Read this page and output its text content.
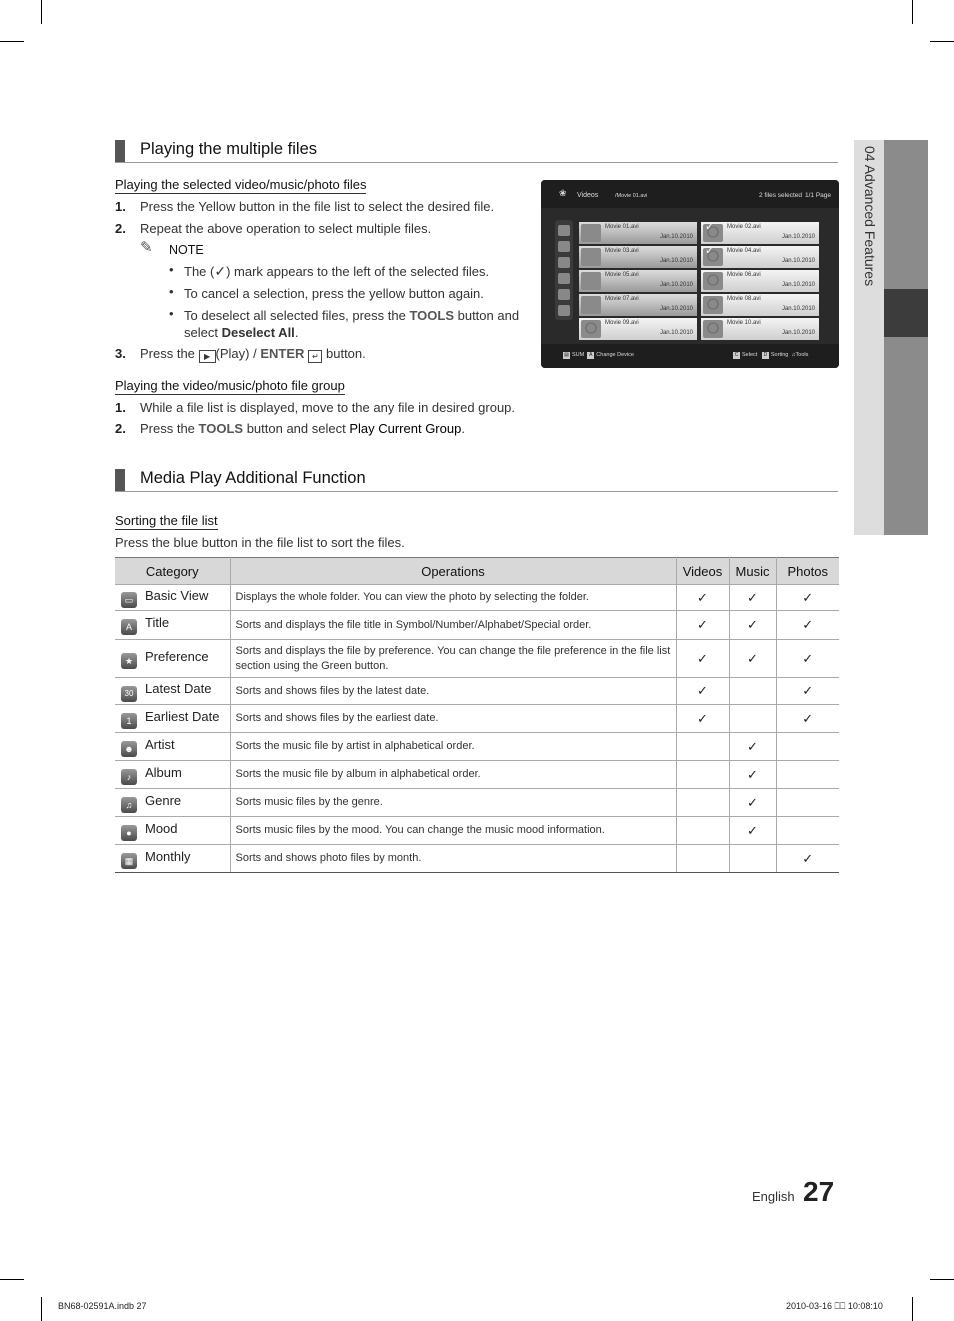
04 Advanced Features
Playing the multiple files
Playing the selected video/music/photo files
1. Press the Yellow button in the file list to select the desired file.
2. Repeat the above operation to select multiple files.
✎ NOTE
• The (✓) mark appears to the left of the selected files.
• To cancel a selection, press the yellow button again.
• To deselect all selected files, press the TOOLS button and
select Deselect All.
3. Press the ▶ (Play) / ENTER ↵ button.
❀ Videos	/Movie 01.avi	2 files selected 1/1 Page
Movie 01.avi
Jan.10.2010
✓ Movie 02.avi
Jan.10.2010
Movie 03.avi
Jan.10.2010
✓ Movie 04.avi
Jan.10.2010
Movie 05.avi
Jan.10.2010
Movie 06.avi
Jan.10.2010
Movie 07.avi
Jan.10.2010
Movie 08.avi
Jan.10.2010
Movie 09.avi
Jan.10.2010
Movie 10.avi
Jan.10.2010
▤ SUM A Change Device	C Select D Sorting ♫Tools
Playing the video/music/photo file group
1. While a file list is displayed, move to the any file in desired group.
2. Press the TOOLS button and select Play Current Group.
Media Play Additional Function
Sorting the file list
Press the blue button in the file list to sort the files.
Category	Operations	Videos	Music	Photos
▭ Basic View	Displays the whole folder. You can view the photo by selecting the folder.	✓	✓	✓
A Title	Sorts and displays the file title in Symbol/Number/Alphabet/Special order.	✓	✓	✓
★ Preference	Sorts and displays the file by preference. You can change the file preference in the file list section using the Green button.	✓	✓	✓
30 Latest Date	Sorts and shows files by the latest date.	✓		✓
1 Earliest Date	Sorts and shows files by the earliest date.	✓		✓
☻ Artist	Sorts the music file by artist in alphabetical order.		✓	
♪ Album	Sorts the music file by album in alphabetical order.		✓	
♫ Genre	Sorts music files by the genre.		✓	
● Mood	Sorts music files by the mood. You can change the music mood information.		✓	
▦ Monthly	Sorts and shows photo files by month.			✓
English 27
BN68-02591A.indb 27	2010-03-16 ⎕⎕ 10:08:10
